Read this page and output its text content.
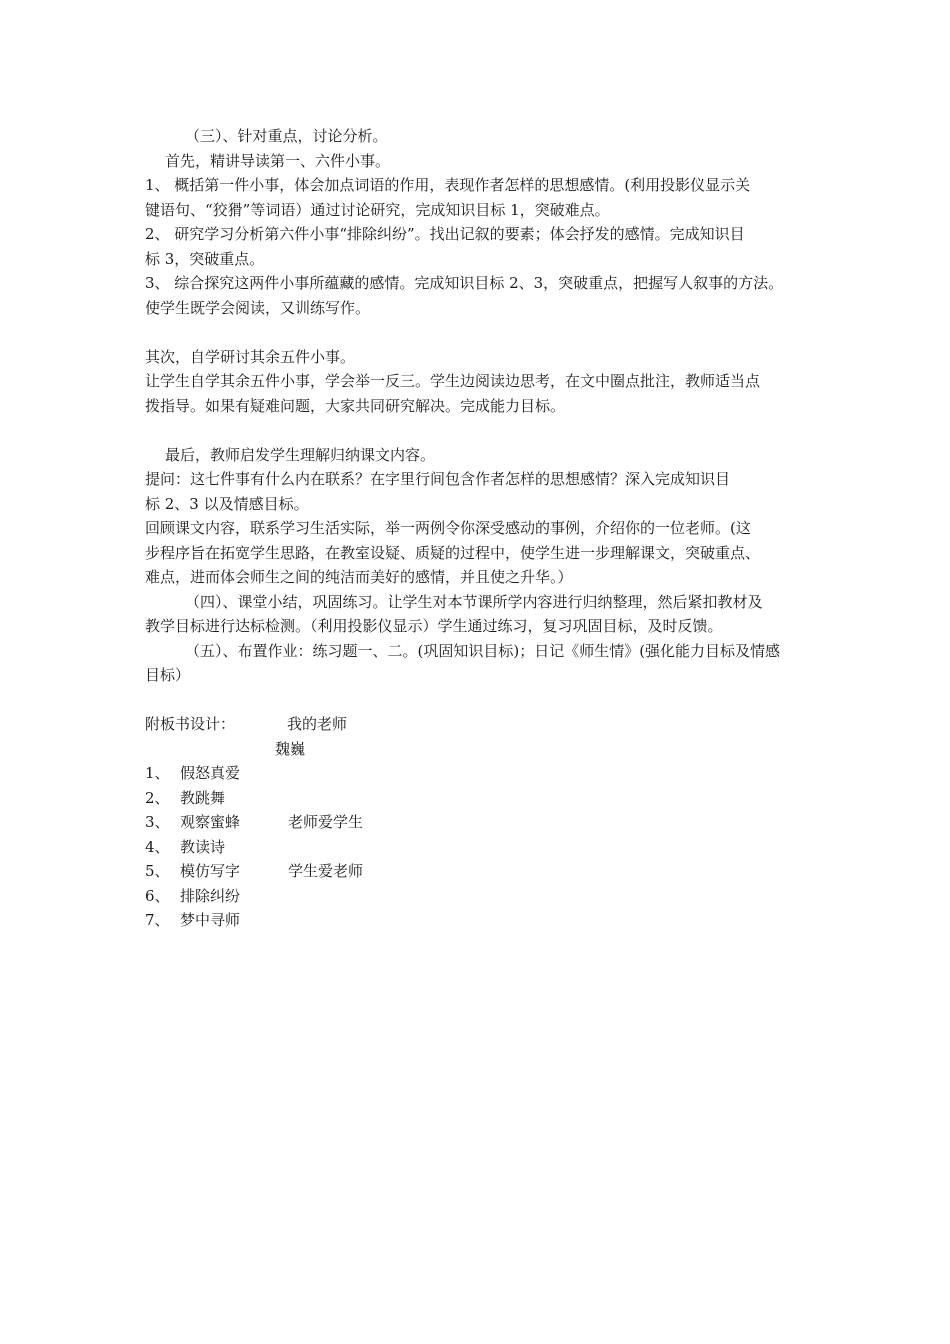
（三）、针对重点，讨论分析。
首先，精讲导读第一、六件小事。
1、 概括第一件小事，体会加点词语的作用，表现作者怎样的思想感情。(利用投影仪显示关
键语句、“狡猾”等词语）通过讨论研究，完成知识目标 1，突破难点。
2、 研究学习分析第六件小事“排除纠纷”。找出记叙的要素；体会抒发的感情。完成知识目
标 3，突破重点。
3、 综合探究这两件小事所蕴藏的感情。完成知识目标 2、3，突破重点，把握写人叙事的方法。
使学生既学会阅读，又训练写作。
其次，自学研讨其余五件小事。
让学生自学其余五件小事，学会举一反三。学生边阅读边思考，在文中圈点批注，教师适当点
拨指导。如果有疑难问题，大家共同研究解决。完成能力目标。
最后，教师启发学生理解归纳课文内容。
提问：这七件事有什么内在联系？在字里行间包含作者怎样的思想感情？深入完成知识目
标 2、3 以及情感目标。
回顾课文内容，联系学习生活实际，举一两例令你深受感动的事例，介绍你的一位老师。(这
步程序旨在拓宽学生思路，在教室设疑、质疑的过程中，使学生进一步理解课文，突破重点、
难点，进而体会师生之间的纯洁而美好的感情，并且使之升华。）
（四）、课堂小结，巩固练习。让学生对本节课所学内容进行归纳整理，然后紧扣教材及
教学目标进行达标检测。（利用投影仪显示）学生通过练习，复习巩固目标，及时反馈。
（五）、布置作业：练习题一、二。(巩固知识目标)；日记《师生情》(强化能力目标及情感
目标）
附板书设计：	我的老师
魏巍
1、 假怒真爱
2、 教跳舞
3、 观察蜜蜂	老师爱学生
4、 教读诗
5、 模仿写字	学生爱老师
6、 排除纠纷
7、 梦中寻师
